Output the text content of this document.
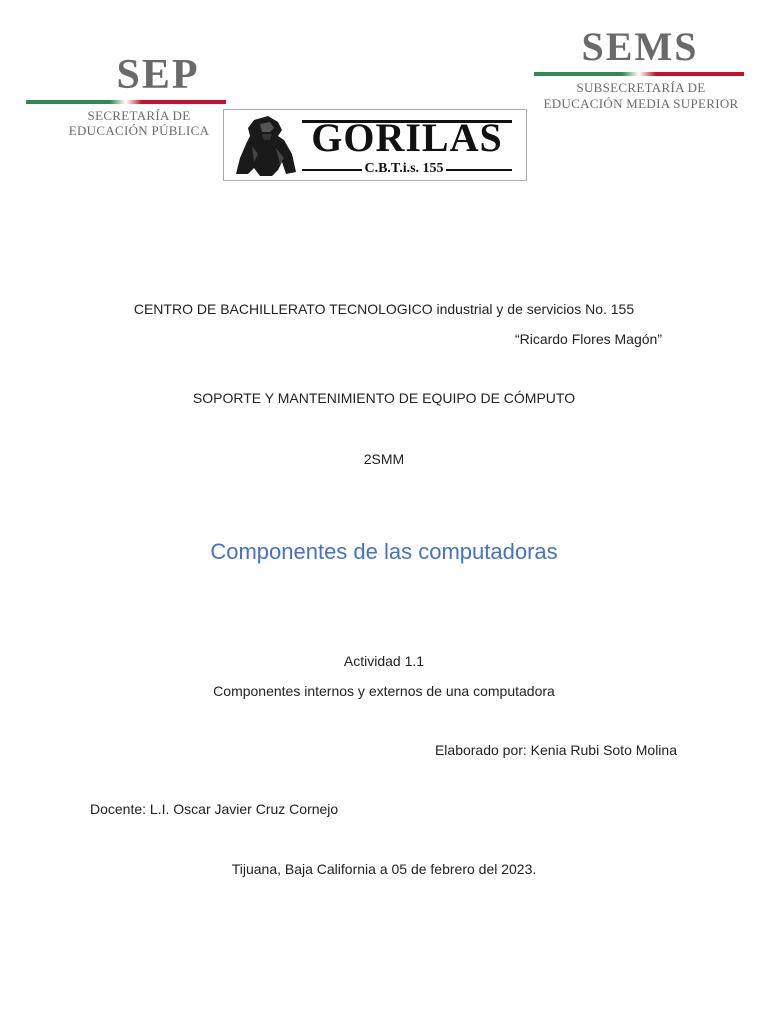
SEP
SECRETARÍA DE
EDUCACIÓN PÚBLICA
SEMS
SUBSECRETARÍA DE
EDUCACIÓN MEDIA SUPERIOR
GORILAS
C.B.T.i.s. 155
CENTRO DE BACHILLERATO TECNOLOGICO industrial y de servicios No. 155
“Ricardo Flores Magón”
SOPORTE Y MANTENIMIENTO DE EQUIPO DE CÓMPUTO
2SMM
Componentes de las computadoras
Actividad 1.1
Componentes internos y externos de una computadora
Elaborado por: Kenia Rubi Soto Molina
Docente: L.I. Oscar Javier Cruz Cornejo
Tijuana, Baja California a 05 de febrero del 2023.
